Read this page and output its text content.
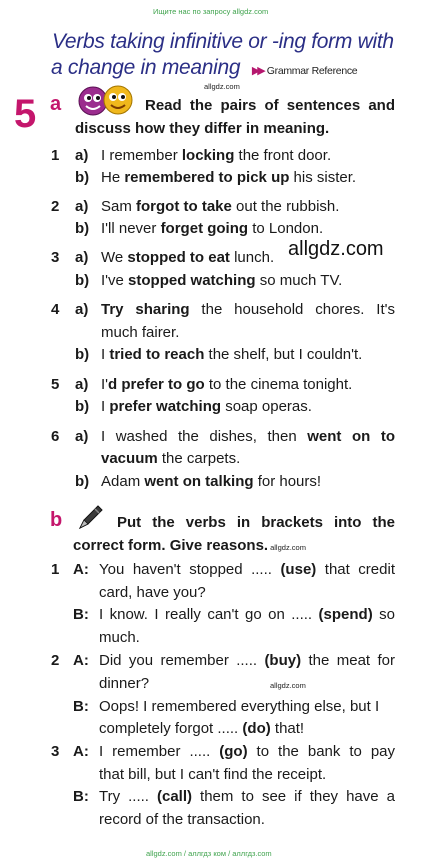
Ищите нас по запросу allgdz.com
Verbs taking infinitive or -ing form with
a change in meaning ▶▶ Grammar Reference
allgdz.com
5 a	Read the pairs of sentences and
discuss how they differ in meaning.
1 a) I remember locking the front door.
b) He remembered to pick up his sister.
2 a) Sam forgot to take out the rubbish.
b) I'll never forget going to London.
3 a) We stopped to eat lunch. allgdz.com
b) I've stopped watching so much TV.
4 a) Try sharing the household chores. It's
much fairer.
b) I tried to reach the shelf, but I couldn't.
5 a) I'd prefer to go to the cinema tonight.
b) I prefer watching soap operas.
6 a) I washed the dishes, then went on to
vacuum the carpets.
b) Adam went on talking for hours!
b	Put the verbs in brackets into the
correct form. Give reasons. allgdz.com
1 A: You haven't stopped ..... (use) that credit
card, have you?
B: I know. I really can't go on ..... (spend) so
much.
2 A: Did you remember ..... (buy) the meat for
dinner?	allgdz.com
B: Oops! I remembered everything else, but I
completely forgot ..... (do) that!
3 A: I remember ..... (go) to the bank to pay
that bill, but I can't find the receipt.
B: Try ..... (call) them to see if they have a
record of the transaction.
allgdz.com / аллгдз ком / аллгдз.com
